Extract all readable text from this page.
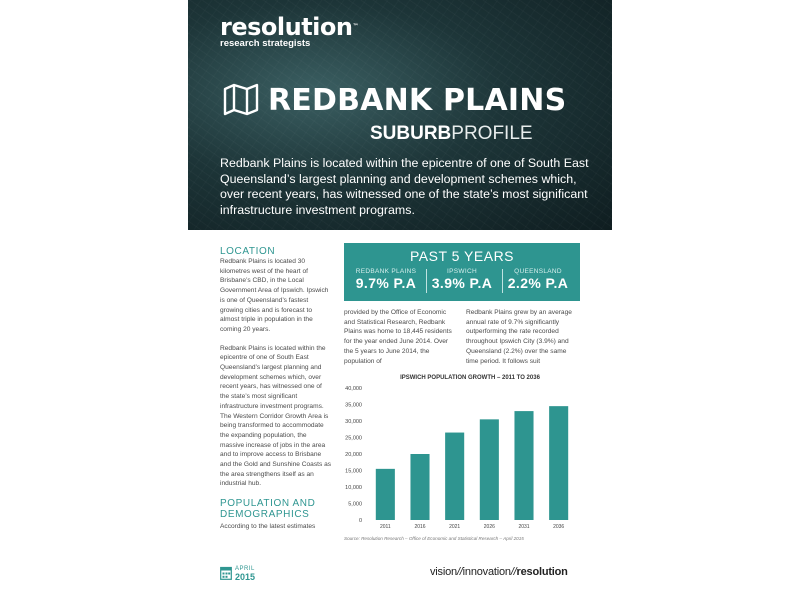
resolution™
research strategists
REDBANK PLAINS
SUBURBPROFILE
Redbank Plains is located within the epicentre of one of South East Queensland’s largest planning and development schemes which, over recent years, has witnessed one of the state’s most significant infrastructure investment programs.

LOCATION

Redbank Plains is located 30 kilometres west of the heart of Brisbane’s CBD, in the Local Government Area of Ipswich. Ipswich is one of Queensland’s fastest growing cities and is forecast to almost triple in population in the coming 20 years.

Redbank Plains is located within the epicentre of one of South East Queensland’s largest planning and development schemes which, over recent years, has witnessed one of the state’s most significant infrastructure investment programs. The Western Corridor Growth Area is being transformed to accommodate the expanding population, the massive increase of jobs in the area and to improve access to Brisbane and the Gold and Sunshine Coasts as the area strengthens itself as an industrial hub.

POPULATION AND

DEMOGRAPHICS

According to the latest estimates

PAST 5 YEARS
REDBANK PLAINS
9.7% P.A
IPSWICH
3.9% P.A
QUEENSLAND
2.2% P.A

provided by the Office of Economic and Statistical Research, Redbank Plains was home to 18,445 residents for the year ended June 2014. Over the 5 years to June 2014, the population of

Redbank Plains grew by an average annual rate of 9.7% significantly outperforming the rate recorded throughout Ipswich City (3.9%) and Queensland (2.2%) over the same time period. It follows suit

IPSWICH POPULATION GROWTH – 2011 TO 2036
0
5,000
10,000
15,000
20,000
25,000
30,000
35,000
40,000
2011	2016	2021	2026	2031	2036
Source: Resolution Research – Office of Economic and Statistical Research – April 2015
APRIL
2015	vision//innovation//resolution
